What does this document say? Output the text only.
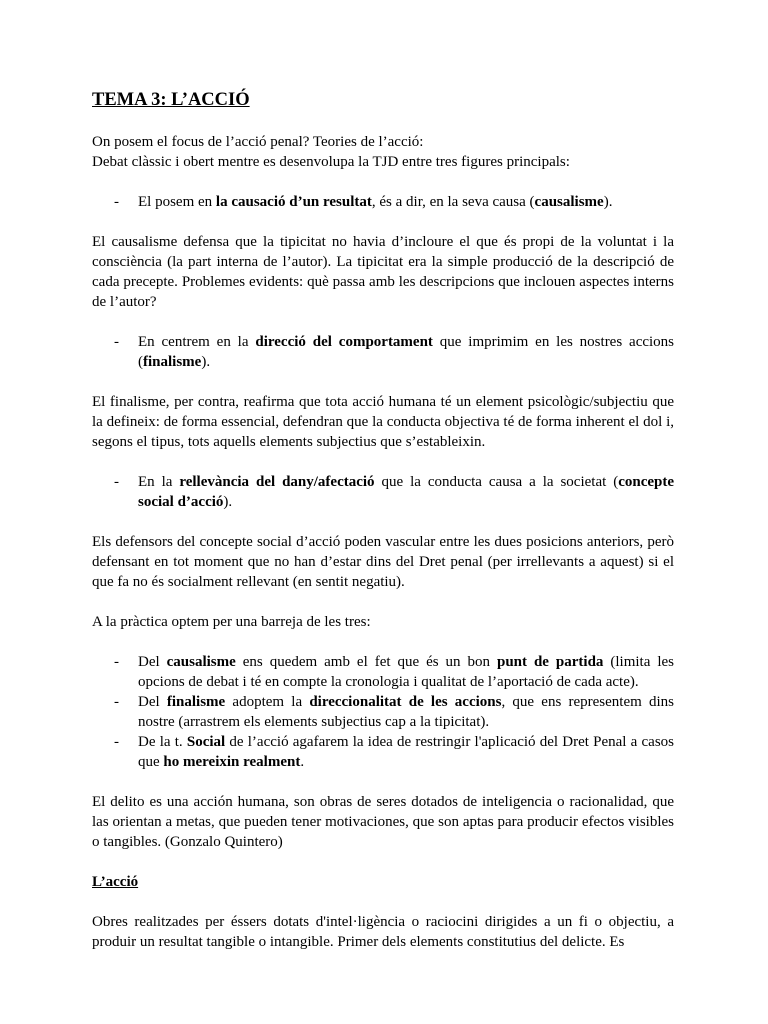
TEMA 3: L’ACCIÓ

On posem el focus de l’acció penal? Teories de l’acció:

Debat clàssic i obert mentre es desenvolupa la TJD entre tres figures principals:

- El posem en la causació d’un resultat, és a dir, en la seva causa (causalisme).

El causalisme defensa que la tipicitat no havia d’incloure el que és propi de la voluntat i la consciència (la part interna de l’autor). La tipicitat era la simple producció de la descripció de cada precepte. Problemes evidents: què passa amb les descripcions que inclouen aspectes interns de l’autor?

- En centrem en la direcció del comportament que imprimim en les nostres accions (finalisme).

El finalisme, per contra, reafirma que tota acció humana té un element psicològic/subjectiu que la defineix: de forma essencial, defendran que la conducta objectiva té de forma inherent el dol i, segons el tipus, tots aquells elements subjectius que s’estableixin.

- En la rellevància del dany/afectació que la conducta causa a la societat (concepte social d’acció).

Els defensors del concepte social d’acció poden vascular entre les dues posicions anteriors, però defensant en tot moment que no han d’estar dins del Dret penal (per irrellevants a aquest) si el que fa no és socialment rellevant (en sentit negatiu).

A la pràctica optem per una barreja de les tres:

- Del causalisme ens quedem amb el fet que és un bon punt de partida (limita les opcions de debat i té en compte la cronologia i qualitat de l’aportació de cada acte).
- Del finalisme adoptem la direccionalitat de les accions, que ens representem dins nostre (arrastrem els elements subjectius cap a la tipicitat).
- De la t. Social de l’acció agafarem la idea de restringir l'aplicació del Dret Penal a casos que ho mereixin realment.

El delito es una acción humana, son obras de seres dotados de inteligencia o racionalidad, que las orientan a metas, que pueden tener motivaciones, que son aptas para producir efectos visibles o tangibles. (Gonzalo Quintero)

L’acció

Obres realitzades per éssers dotats d'intel·ligència o raciocini dirigides a un fi o objectiu, a produir un resultat tangible o intangible. Primer dels elements constitutius del delicte. Es
